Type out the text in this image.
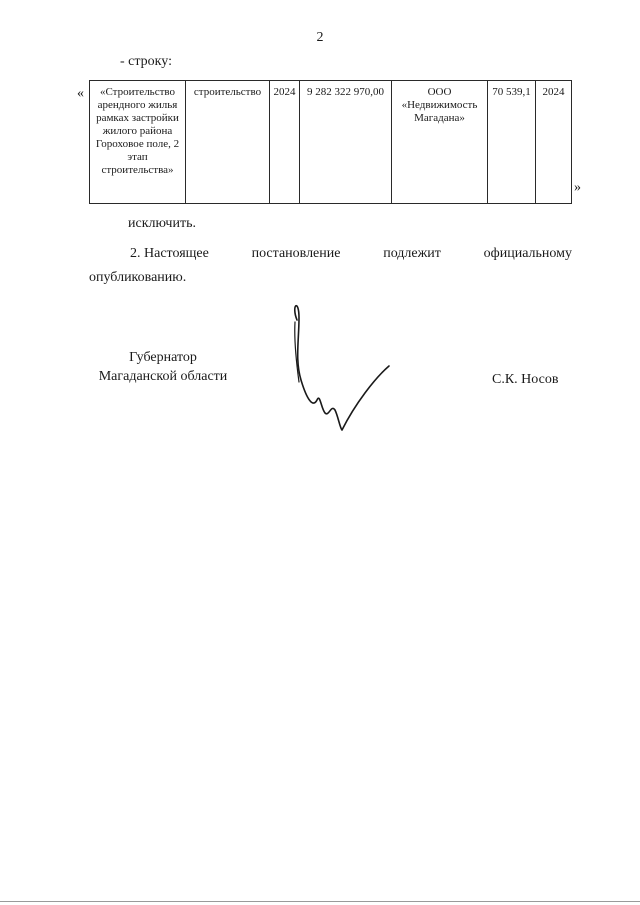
2
- строку:
« «Строительство арендного жилья рамках застройки жилого района Гороховое поле, 2 этап строительства»	строительство	2024	9 282 322 970,00	ООО «Недвижимость Магадана»	70 539,1	2024
»
исключить.
2. Настоящее	постановление	подлежит	официальному
опубликованию.
Губернатор
Магаданской области	С.К. Носов
